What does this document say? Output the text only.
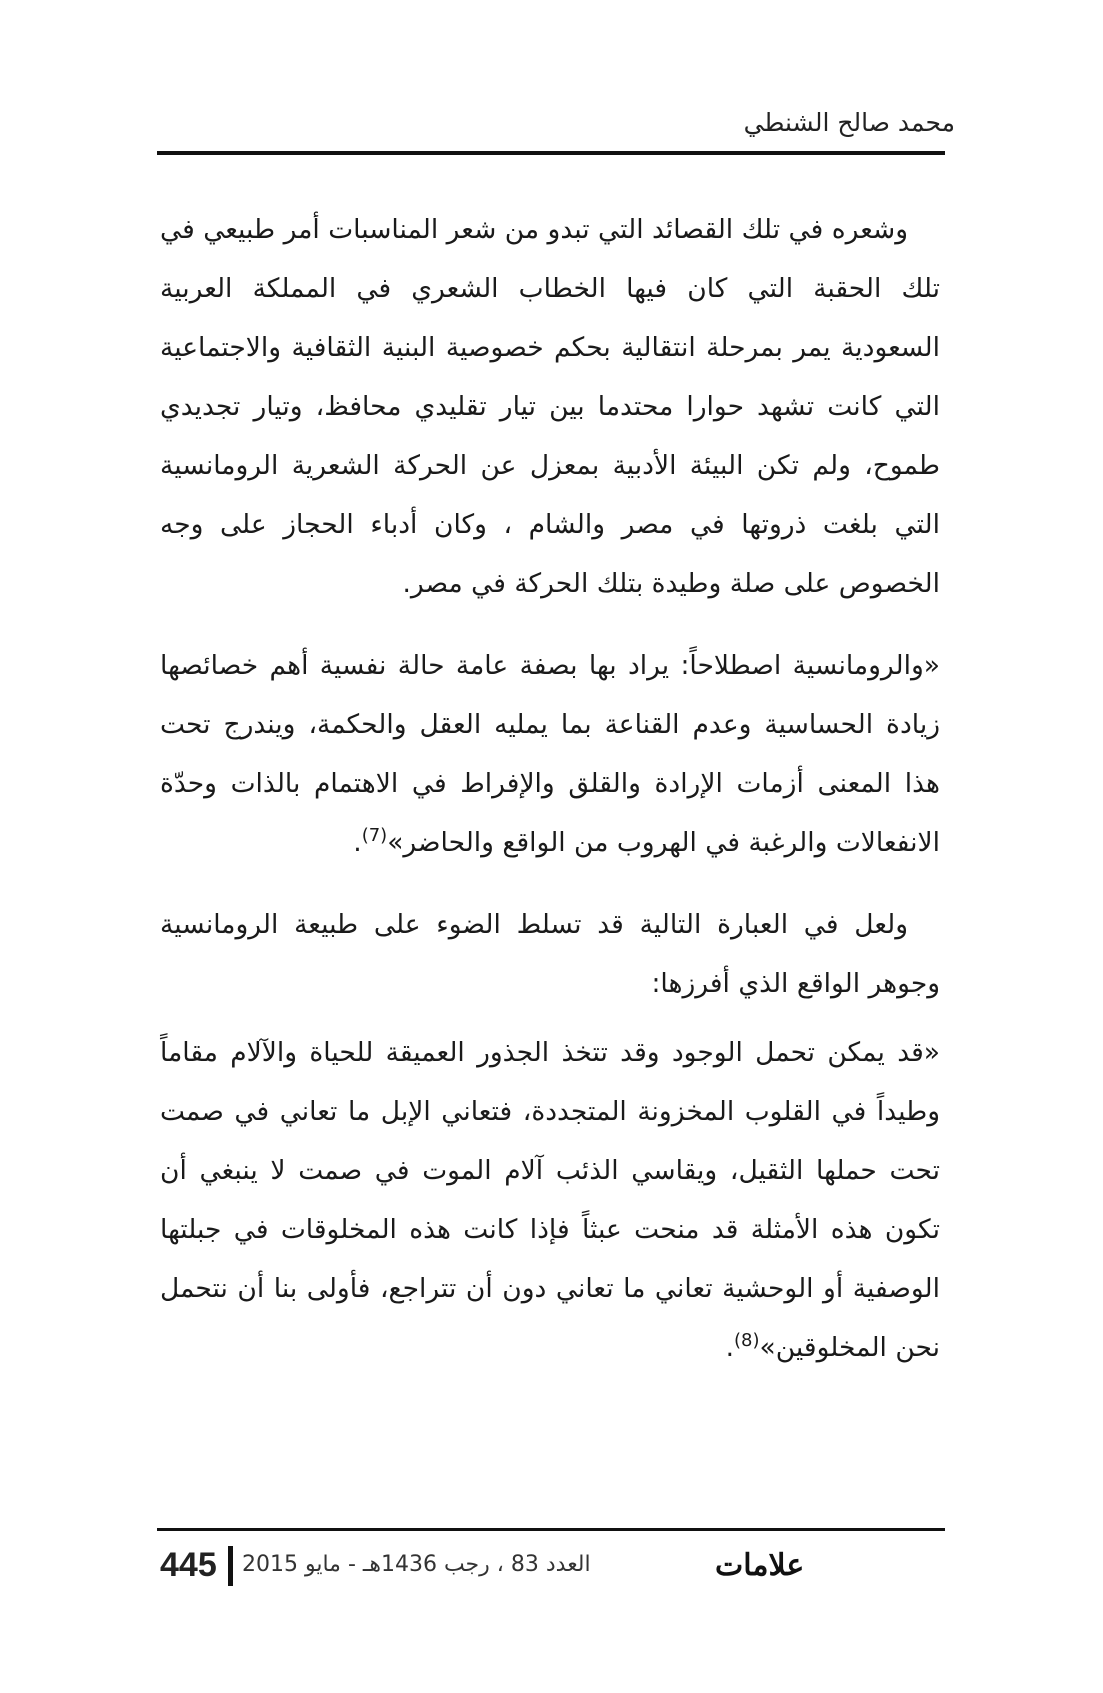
محمد صالح الشنطي

وشعره في تلك القصائد التي تبدو من شعر المناسبات أمر طبيعي في تلك الحقبة التي كان فيها الخطاب الشعري في المملكة العربية السعودية يمر بمرحلة انتقالية بحكم خصوصية البنية الثقافية والاجتماعية التي كانت تشهد حوارا محتدما بين تيار تقليدي محافظ، وتيار تجديدي طموح، ولم تكن البيئة الأدبية بمعزل عن الحركة الشعرية الرومانسية التي بلغت ذروتها في مصر والشام ، وكان أدباء الحجاز على وجه الخصوص على صلة وطيدة بتلك الحركة في مصر.

«والرومانسية اصطلاحاً: يراد بها بصفة عامة حالة نفسية أهم خصائصها زيادة الحساسية وعدم القناعة بما يمليه العقل والحكمة، ويندرج تحت هذا المعنى أزمات الإرادة والقلق والإفراط في الاهتمام بالذات وحدّة الانفعالات والرغبة في الهروب من الواقع والحاضر»$^{(7)}$.

ولعل في العبارة التالية قد تسلط الضوء على طبيعة الرومانسية وجوهر الواقع الذي أفرزها:

«قد يمكن تحمل الوجود وقد تتخذ الجذور العميقة للحياة والآلام مقاماً وطيداً في القلوب المخزونة المتجددة، فتعاني الإبل ما تعاني في صمت تحت حملها الثقيل، ويقاسي الذئب آلام الموت في صمت لا ينبغي أن تكون هذه الأمثلة قد منحت عبثاً فإذا كانت هذه المخلوقات في جبلتها الوصفية أو الوحشية تعاني ما تعاني دون أن تتراجع، فأولى بنا أن نتحمل نحن المخلوقين»$^{(8)}$.

445 العدد 83 ، رجب 1436هـ - مايو 2015	علامات
